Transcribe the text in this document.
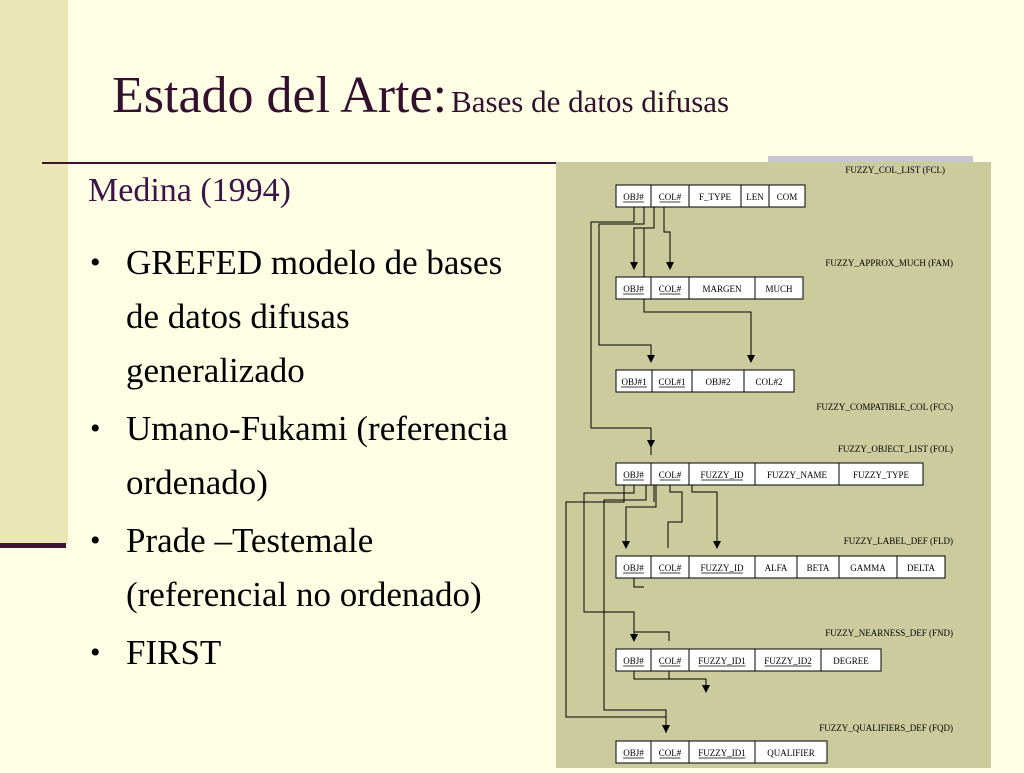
Estado del Arte: Bases de datos difusas
Medina (1994)
• GREFED modelo de bases de datos difusas generalizado
• Umano-Fukami (referencia ordenado)
• Prade –Testemale (referencial no ordenado)
• FIRST
FUZZY_COL_LIST (FCL)
OBJ# COL# F_TYPE LEN COM
FUZZY_APPROX_MUCH (FAM)
OBJ# COL# MARGEN	MUCH
FUZZY_COMPATIBLE_COL (FCC)
OBJ#1 COL#1 OBJ#2	COL#2
FUZZY_OBJECT_LIST (FOL)
OBJ# COL# FUZZY_ID	FUZZY_NAME	FUZZY_TYPE
FUZZY_LABEL_DEF (FLD)
OBJ# COL# FUZZY_ID ALFA BETA GAMMA DELTA
FUZZY_NEARNESS_DEF (FND)
OBJ# COL# FUZZY_ID1 FUZZY_ID2 DEGREE
FUZZY_QUALIFIERS_DEF (FQD)
OBJ# COL# FUZZY_ID1 QUALIFIER
